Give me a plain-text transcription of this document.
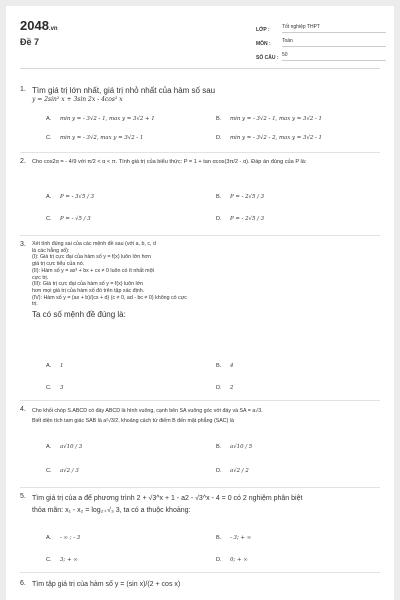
2048.vn
Đề 7
LỚP :	Tốt nghiệp THPT
MÔN :	Toán
SỐ CÂU : 50
1. Tìm giá trị lớn nhất, giá trị nhỏ nhất của hàm số sau
y = 2sin² x + 3sin 2x - 4cos² x
A.	min y = - 3√2 - 1, max y = 3√2 + 1	B.	min y = - 3√2 - 1, max y = 3√2 - 1
C.	min y = - 3√2, max y = 3√2 - 1	D.	min y = - 3√2 - 2, max y = 3√2 - 1
2. Cho cos2α = - 4/9 với π/2 < α < π. Tính giá trị của biểu thức: P = 1 + tan αcos(3π/2 - α). Đáp án đúng của P là:
A.	P = - 3√5 / 3	B.	P = - 2√5 / 3
C.	P = - √5 / 3	D.	P = - 2√5 / 3
3. Xét tính đúng sai của các mệnh đề sau (với a, b, c, d
là các hằng số):
(I): Giá trị cực đại của hàm số y = f(x) luôn lớn hơn
giá trị cực tiểu của nó.
(II): Hàm số y = ax³ + bx + cx ≠ 0 luôn có ít nhất một
cực trị.
(III): Giá trị cực đại của hàm số y = f(x) luôn lớn
hơn mọi giá trị của hàm số đó trên tập xác định.
(IV): Hàm số y = (ax + b)/(cx + d) (c ≠ 0, ad - bc ≠ 0) không có cực
trị.
Ta có số mệnh đề đúng là:
A.	1	B.	4
C.	3	D.	2
4. Cho khối chóp S.ABCD có đáy ABCD là hình vuông, cạnh bên SA vuông góc với đáy và SA = a√3.
Biết diện tích tam giác SAB là a²√3/2, khoảng cách từ điểm B đến mặt phẳng (SAC) là
A.	a√10 / 3	B.	a√10 / 5
C.	a√2 / 3	D.	a√2 / 2
5. Tìm giá trị của a để phương trình 2 + √3^x + 1 - a2 - √3^x - 4 = 0 có 2 nghiệm phân biệt
thỏa mãn: x₁ - x₂ = log₂₊√₃ 3, ta có a thuộc khoảng:
A.	- ∞ ; - 3	B.	- 3; + ∞
C.	3; + ∞	D.	0; + ∞
6. Tìm tập giá trị của hàm số y = (sin x)/(2 + cos x)
